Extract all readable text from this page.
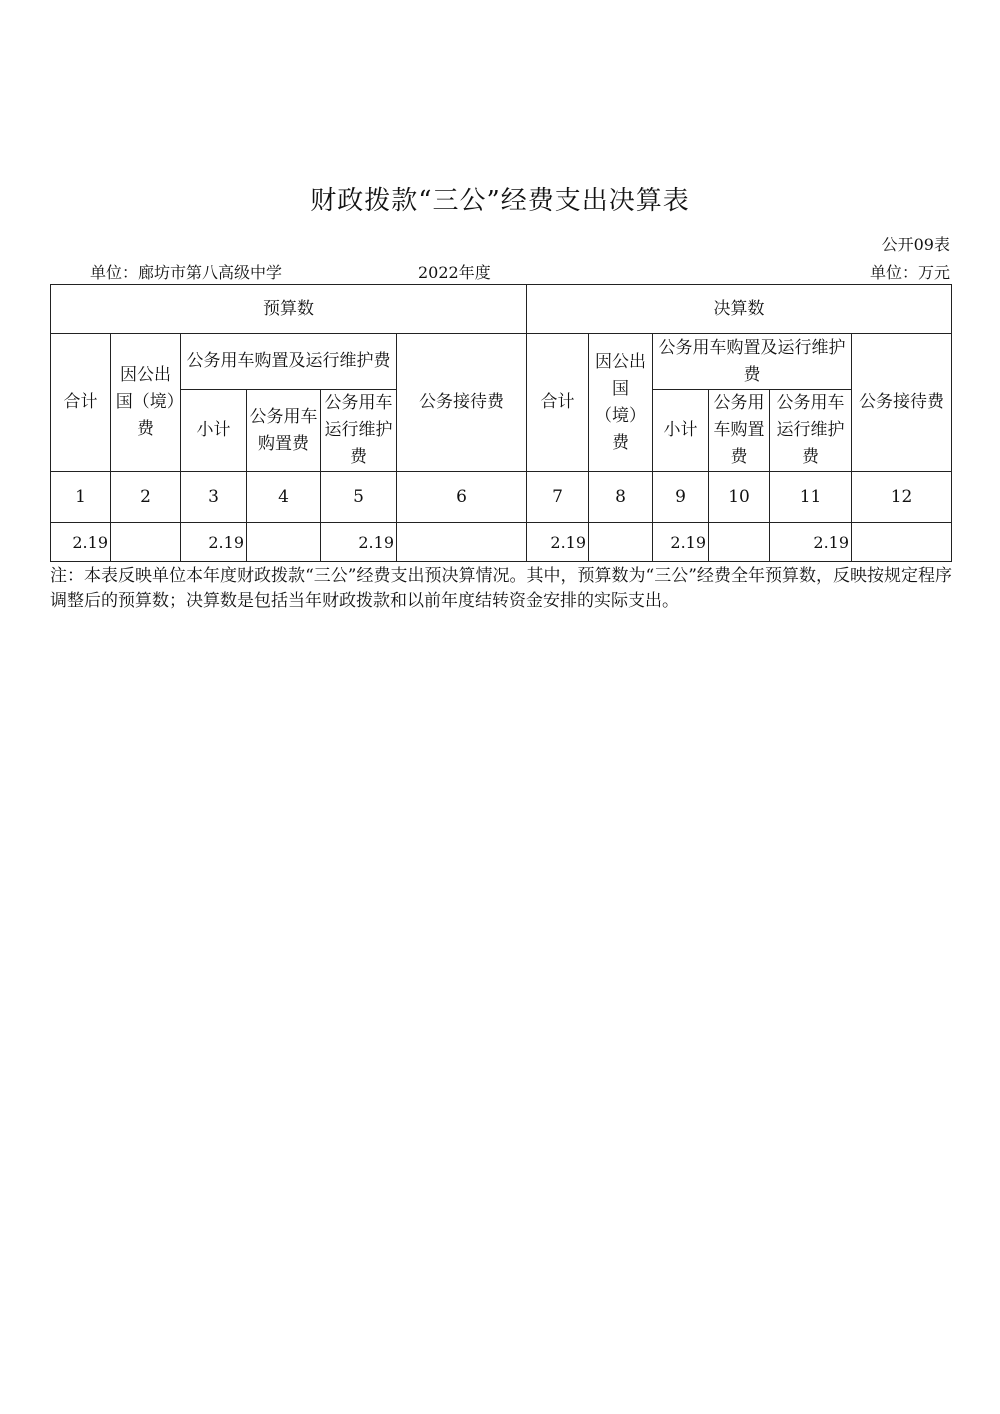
财政拨款“三公”经费支出决算表
公开09表
单位：廊坊市第八高级中学	2022年度	单位：万元
预算数						决算数					
合计	因公出国（境）费	公务用车购置及运行维护费			公务接待费	合计	因公出国（境）费	公务用车购置及运行维护费			公务接待费
		小计	公务用车购置费	公务用车运行维护费				小计	公务用车购置费	公务用车运行维护费	
1	2	3	4	5	6	7	8	9	10	11	12
2.19		2.19		2.19		2.19		2.19		2.19	
注：本表反映单位本年度财政拨款“三公”经费支出预决算情况。其中，预算数为“三公”经费全年预算数，反映按规定程序调整后的预算数；决算数是包括当年财政拨款和以前年度结转资金安排的实际支出。
